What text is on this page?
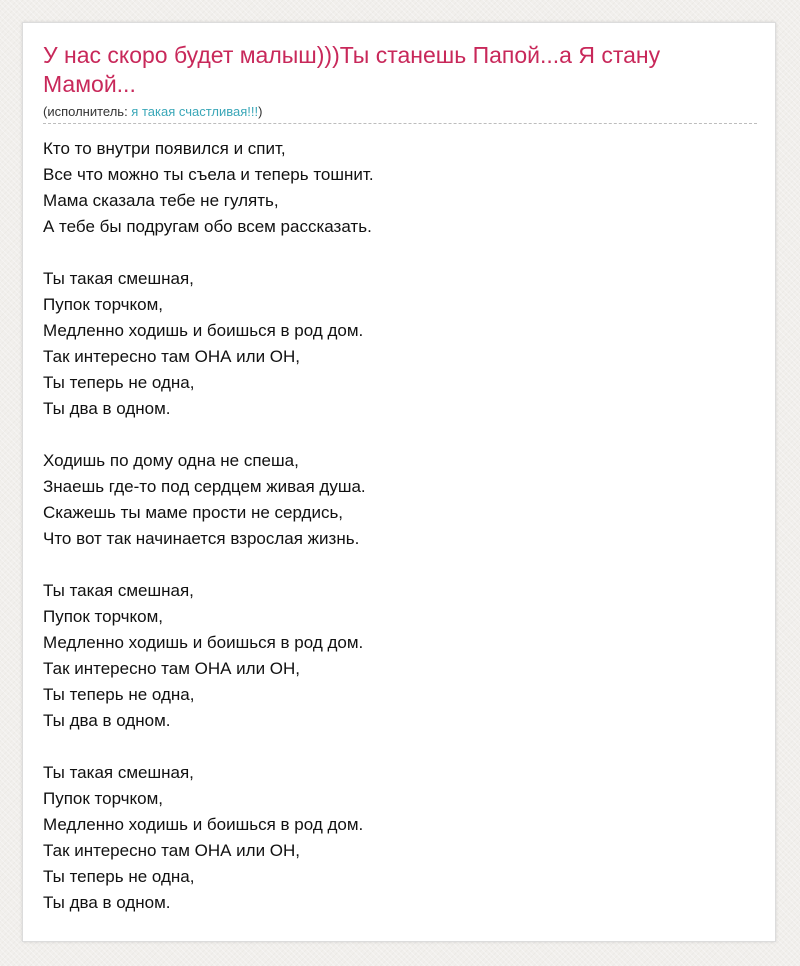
У нас скоро будет малыш)))Ты станешь Папой...а Я стану Мамой...
(исполнитель: я такая счастливая!!!)
Кто то внутри появился и спит,
Все что можно ты съела и теперь тошнит.
Мама сказала тебе не гулять,
А тебе бы подругам обо всем рассказать.

Ты такая смешная,
Пупок торчком,
Медленно ходишь и боишься в род дом.
Так интересно там ОНА или ОН,
Ты теперь не одна,
Ты два в одном.

Ходишь по дому одна не спеша,
Знаешь где-то под сердцем живая душа.
Скажешь ты маме прости не сердись,
Что вот так начинается взрослая жизнь.

Ты такая смешная,
Пупок торчком,
Медленно ходишь и боишься в род дом.
Так интересно там ОНА или ОН,
Ты теперь не одна,
Ты два в одном.

Ты такая смешная,
Пупок торчком,
Медленно ходишь и боишься в род дом.
Так интересно там ОНА или ОН,
Ты теперь не одна,
Ты два в одном.
